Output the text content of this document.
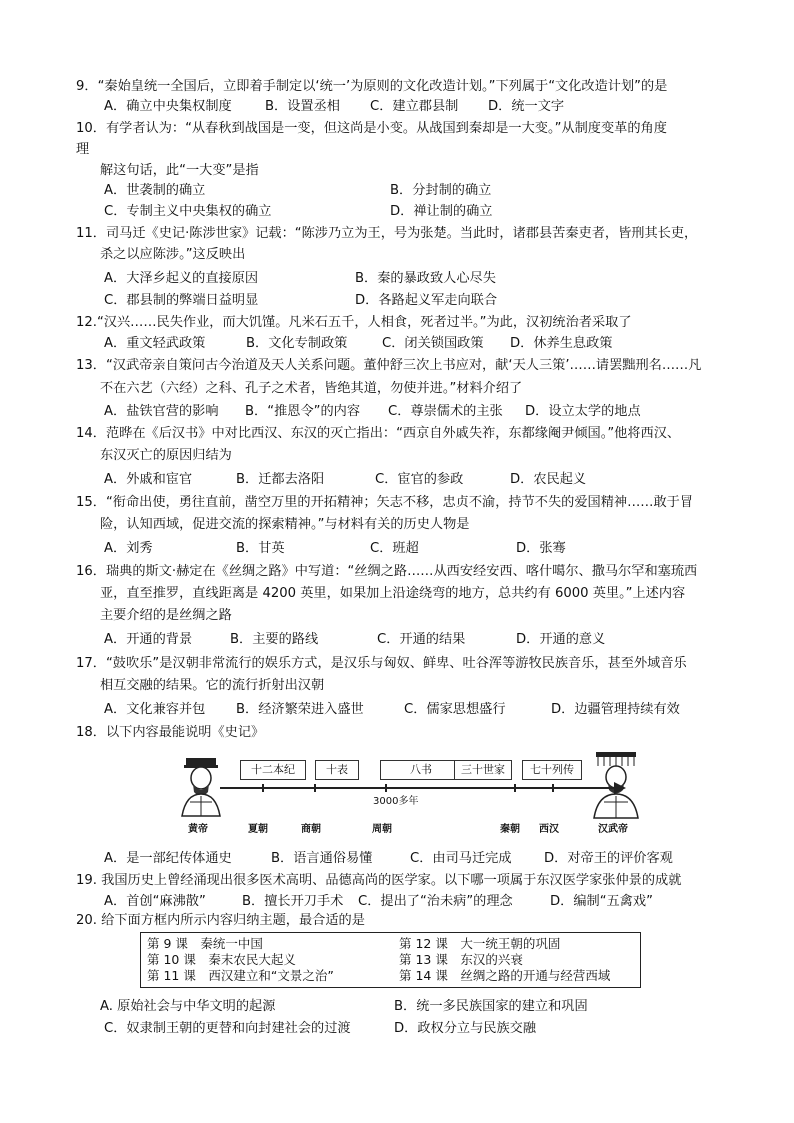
9．“秦始皇统一全国后，立即着手制定以‘统一’为原则的文化改造计划。”下列属于“文化改造计划”的是
A．确立中央集权制度	B．设置丞相 C．建立郡县制 D．统一文字
10．有学者认为：“从春秋到战国是一变，但这尚是小变。从战国到秦却是一大变。”从制度变革的角度
理
解这句话，此“一大变”是指
A．世袭制的确立	B．分封制的确立
C．专制主义中央集权的确立	D．禅让制的确立
11．司马迁《史记·陈涉世家》记载：“陈涉乃立为王，号为张楚。当此时，诸郡县苦秦吏者，皆刑其长吏，
杀之以应陈涉。”这反映出
A．大泽乡起义的直接原因	B．秦的暴政致人心尽失
C．郡县制的弊端日益明显	D．各路起义军走向联合
12.“汉兴……民失作业，而大饥馑。凡米石五千，人相食，死者过半。”为此，汉初统治者采取了
A．重文轻武政策	B．文化专制政策	C．闭关锁国政策 D．休养生息政策
13．“汉武帝亲自策问古今治道及天人关系问题。董仲舒三次上书应对，献‘天人三策’……请罢黜刑名……凡
不在六艺（六经）之科、孔子之术者，皆绝其道，勿使并进。”材料介绍了
A．盐铁官营的影响 B．“推恩令”的内容 C．尊崇儒术的主张 D．设立太学的地点
14．范晔在《后汉书》中对比西汉、东汉的灭亡指出：“西京自外戚失祚，东都缘阉尹倾国。”他将西汉、
东汉灭亡的原因归结为
A．外戚和宦官	B．迁都去洛阳	C．宦官的参政	D．农民起义
15．“衔命出使，勇往直前，凿空万里的开拓精神；矢志不移，忠贞不渝，持节不失的爱国精神……敢于冒
险，认知西域，促进交流的探索精神。”与材料有关的历史人物是
A．刘秀	B．甘英	C．班超	D．张骞
16．瑞典的斯文·赫定在《丝绸之路》中写道：“丝绸之路……从西安经安西、喀什噶尔、撒马尔罕和塞琉西
亚，直至推罗，直线距离是 4200 英里，如果加上沿途绕弯的地方，总共约有 6000 英里。”上述内容
主要介绍的是丝绸之路
A．开通的背景	B．主要的路线	C．开通的结果	D．开通的意义
17．“鼓吹乐”是汉朝非常流行的娱乐方式，是汉乐与匈奴、鲜卑、吐谷浑等游牧民族音乐，甚至外域音乐
相互交融的结果。它的流行折射出汉朝
A．文化兼容并包 B．经济繁荣进入盛世	C．儒家思想盛行	D．边疆管理持续有效
18．以下内容最能说明《史记》
十二本纪	十表	八书	三十世家	七十列传
3000多年
黄帝	夏朝	商朝	周朝	秦朝 西汉	汉武帝
A．是一部纪传体通史	B．语言通俗易懂	C．由司马迁完成 D．对帝王的评价客观
19. 我国历史上曾经涌现出很多医术高明、品德高尚的医学家。以下哪一项属于东汉医学家张仲景的成就
A．首创“麻沸散”	B．擅长开刀手术 C．提出了“治未病”的理念	D．编制“五禽戏”
20. 给下面方框内所示内容归纳主题，最合适的是
第 9 课　秦统一中国
第 10 课　秦末农民大起义
第 11 课　西汉建立和“文景之治”
第 12 课　大一统王朝的巩固
第 13 课　东汉的兴衰
第 14 课　丝绸之路的开通与经营西域
A. 原始社会与中华文明的起源	B．统一多民族国家的建立和巩固
C．奴隶制王朝的更替和向封建社会的过渡	D．政权分立与民族交融
